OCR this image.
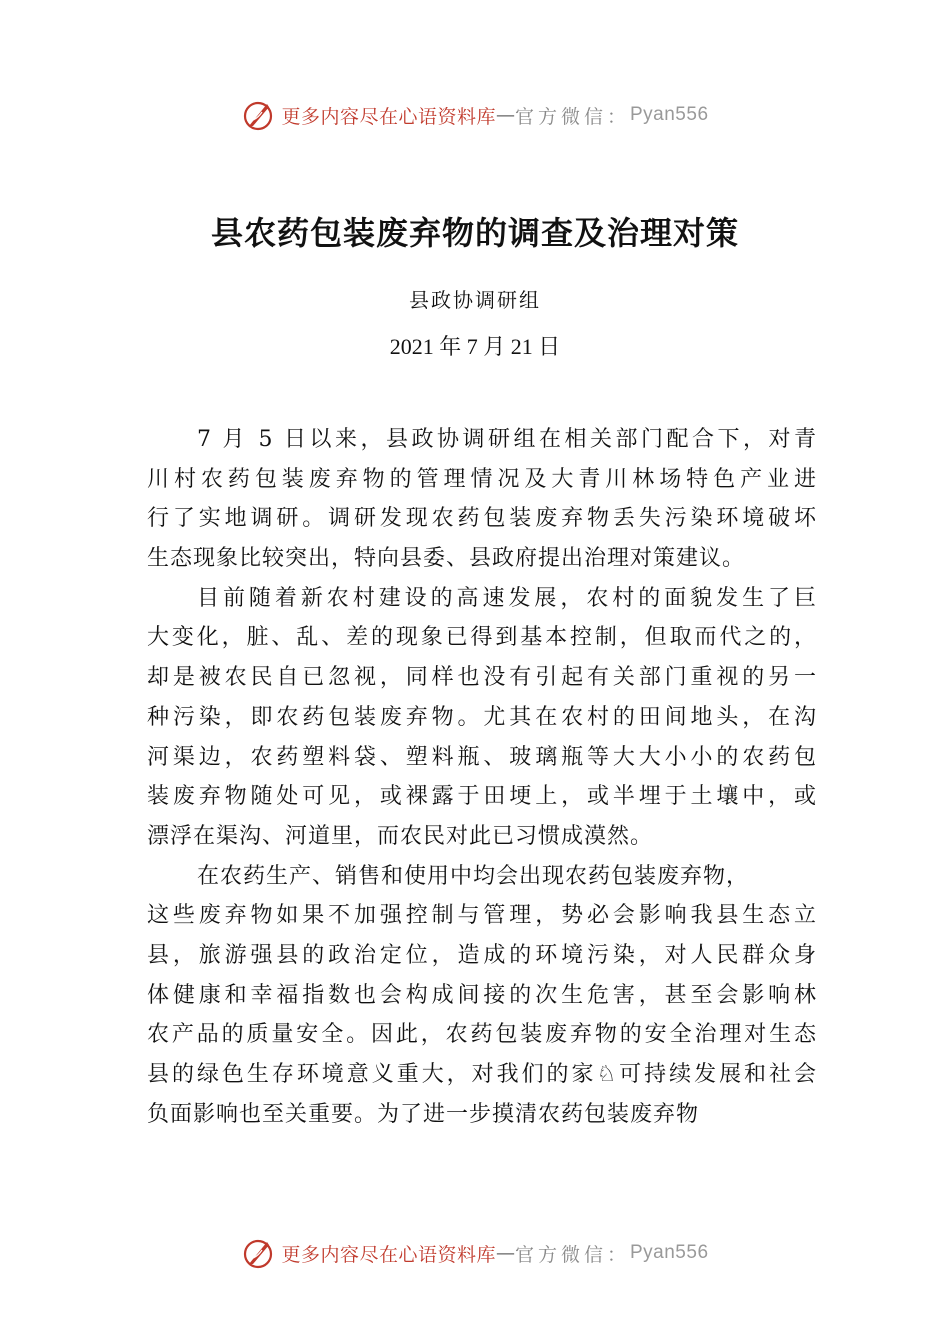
更多内容尽在心语资料库 — 官方微信： Pyan556
县农药包装废弃物的调查及治理对策
县政协调研组
2021 年 7 月 21 日
7 月 5 日以来，县政协调研组在相关部门配合下，对青
川村农药包装废弃物的管理情况及大青川林场特色产业进
行了实地调研。调研发现农药包装废弃物丢失污染环境破坏
生态现象比较突出，特向县委、县政府提出治理对策建议。
目前随着新农村建设的高速发展，农村的面貌发生了巨
大变化，脏、乱、差的现象已得到基本控制，但取而代之的，
却是被农民自已忽视，同样也没有引起有关部门重视的另一
种污染，即农药包装废弃物。尤其在农村的田间地头，在沟
河渠边，农药塑料袋、塑料瓶、玻璃瓶等大大小小的农药包
装废弃物随处可见，或裸露于田埂上，或半埋于土壤中，或
漂浮在渠沟、河道里，而农民对此已习惯成漠然。
在农药生产、销售和使用中均会出现农药包装废弃物，
这些废弃物如果不加强控制与管理，势必会影响我县生态立
县，旅游强县的政治定位，造成的环境污染，对人民群众身
体健康和幸福指数也会构成间接的次生危害，甚至会影响林
农产品的质量安全。因此，农药包装废弃物的安全治理对生态
县的绿色生存环境意义重大，对我们的家♘可持续发展和社会
负面影响也至关重要。为了进一步摸清农药包装废弃物
更多内容尽在心语资料库 — 官方微信： Pyan556
